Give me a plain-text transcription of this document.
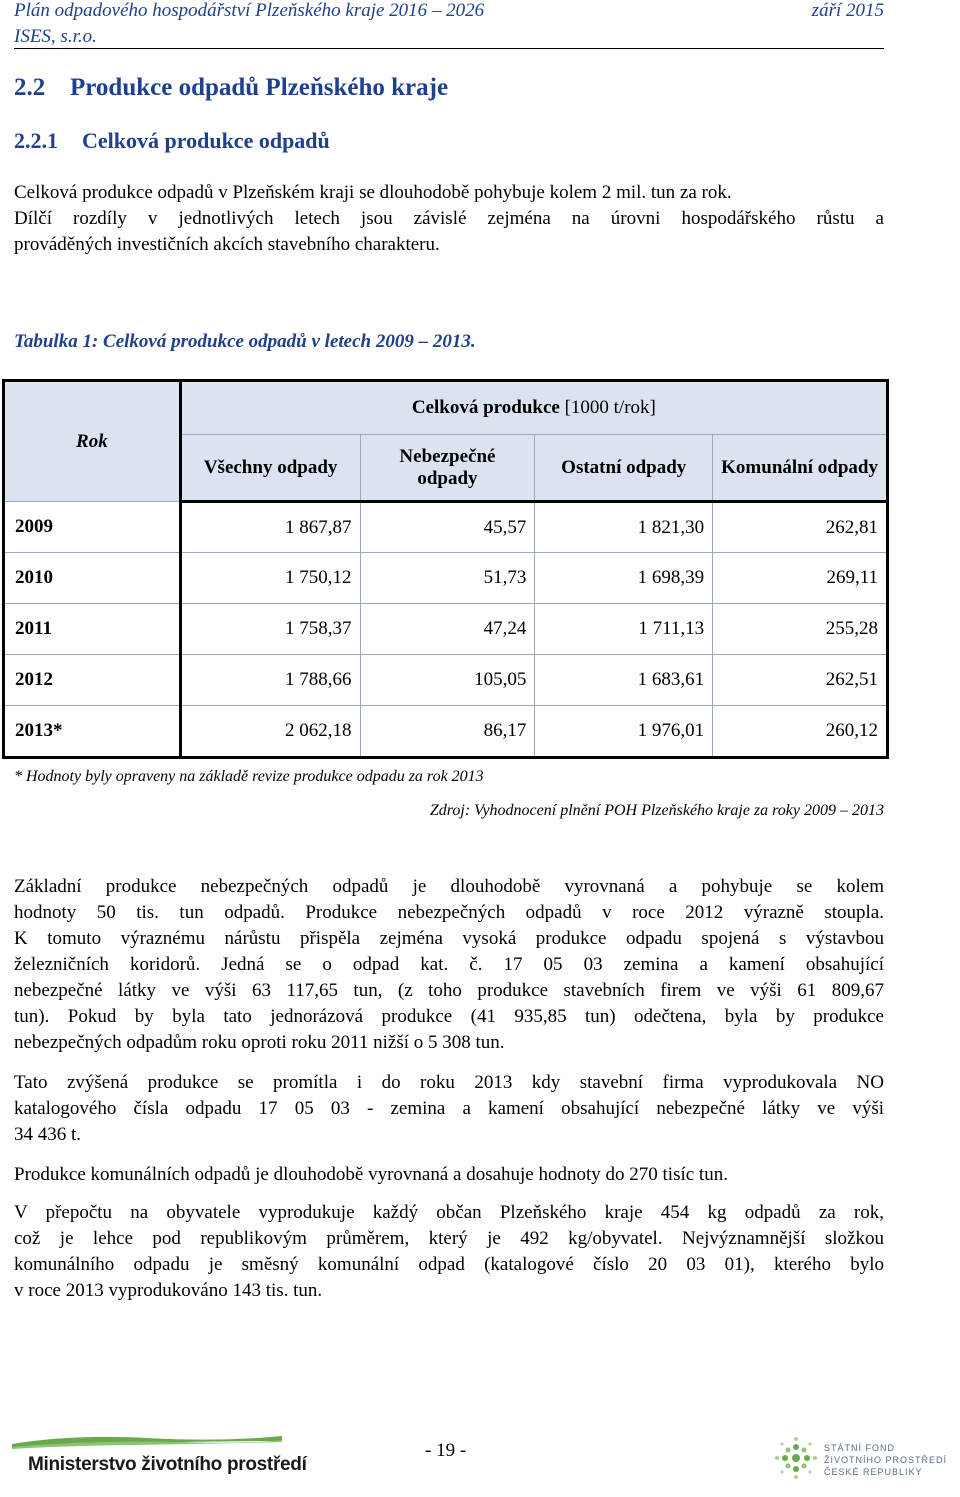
Plán odpadového hospodářství Plzeňského kraje 2016 – 2026	září 2015
ISES, s.r.o.
2.2 Produkce odpadů Plzeňského kraje
2.2.1 Celková produkce odpadů
Celková produkce odpadů v Plzeňském kraji se dlouhodobě pohybuje kolem 2 mil. tun za rok.
Dílčí rozdíly v jednotlivých letech jsou závislé zejména na úrovni hospodářského růstu a
prováděných investičních akcích stavebního charakteru.
Tabulka 1: Celková produkce odpadů v letech 2009 – 2013.
Rok	Celková produkce [1000 t/rok]			
	Všechny odpady	Nebezpečné odpady	Ostatní odpady	Komunální odpady
2009	1 867,87	45,57	1 821,30	262,81
2010	1 750,12	51,73	1 698,39	269,11
2011	1 758,37	47,24	1 711,13	255,28
2012	1 788,66	105,05	1 683,61	262,51
2013*	2 062,18	86,17	1 976,01	260,12
* Hodnoty byly opraveny na základě revize produkce odpadu za rok 2013
Zdroj: Vyhodnocení plnění POH Plzeňského kraje za roky 2009 – 2013
Základní produkce nebezpečných odpadů je dlouhodobě vyrovnaná a pohybuje se kolem
hodnoty 50 tis. tun odpadů. Produkce nebezpečných odpadů v roce 2012 výrazně stoupla.
K tomuto výraznému nárůstu přispěla zejména vysoká produkce odpadu spojená s výstavbou
železničních koridorů. Jedná se o odpad kat. č. 17 05 03 zemina a kamení obsahující
nebezpečné látky ve výši 63 117,65 tun, (z toho produkce stavebních firem ve výši 61 809,67
tun). Pokud by byla tato jednorázová produkce (41 935,85 tun) odečtena, byla by produkce
nebezpečných odpadům roku oproti roku 2011 nižší o 5 308 tun.
Tato zvýšená produkce se promítla i do roku 2013 kdy stavební firma vyprodukovala NO
katalogového čísla odpadu 17 05 03 - zemina a kamení obsahující nebezpečné látky ve výši
34 436 t.
Produkce komunálních odpadů je dlouhodobě vyrovnaná a dosahuje hodnoty do 270 tisíc tun.
V přepočtu na obyvatele vyprodukuje každý občan Plzeňského kraje 454 kg odpadů za rok,
což je lehce pod republikovým průměrem, který je 492 kg/obyvatel. Nejvýznamnější složkou
komunálního odpadu je směsný komunální odpad (katalogové číslo 20 03 01), kterého bylo
v roce 2013 vyprodukováno 143 tis. tun.
Ministerstvo životního prostředí
- 19 -	STÁTNÍ FOND
ŽIVOTNÍHO PROSTŘEDÍ
ČESKÉ REPUBLIKY
